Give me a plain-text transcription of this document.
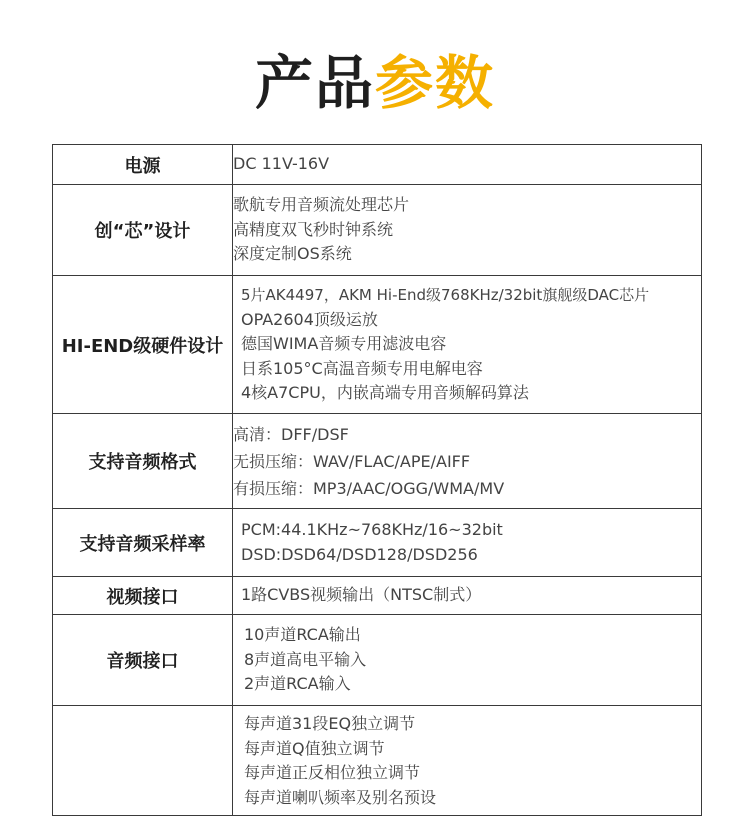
产品参数
电源	DC 11V-16V

创“芯”设计	歌航专用音频流处理芯片
高精度双飞秒时钟系统
深度定制OS系统

HI-END级硬件设计	5片AK4497，AKM Hi-End级768KHz/32bit旗舰级DAC芯片
OPA2604顶级运放
德国WIMA音频专用滤波电容
日系105°C高温音频专用电解电容
4核A7CPU，内嵌高端专用音频解码算法

支持音频格式	高清：DFF/DSF
无损压缩：WAV/FLAC/APE/AIFF
有损压缩：MP3/AAC/OGG/WMA/MV

支持音频采样率	PCM:44.1KHz~768KHz/16~32bit
DSD:DSD64/DSD128/DSD256

视频接口	1路CVBS视频输出（NTSC制式）

音频接口	10声道RCA输出
8声道高电平输入
2声道RCA输入

	每声道31段EQ独立调节
每声道Q值独立调节
每声道正反相位独立调节
每声道喇叭频率及别名预设
